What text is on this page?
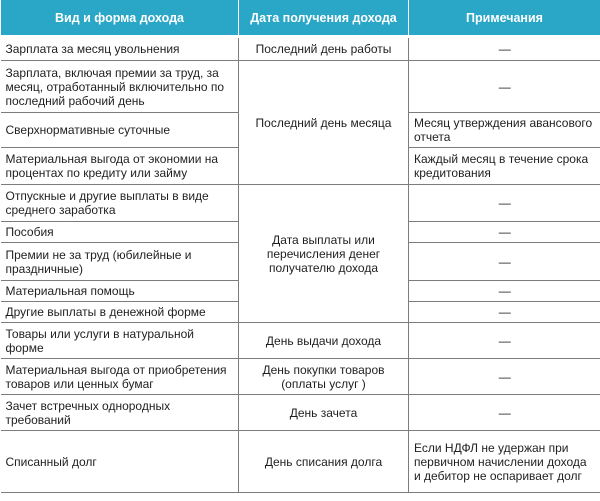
Вид и форма дохода	Дата получения дохода	Примечания
Зарплата за месяц увольнения	Последний день работы	—
Зарплата, включая премии за труд, за месяц, отработанный включительно по последний рабочий день	Последний день месяца	—
Сверхнормативные суточные		Месяц утверждения авансового отчета
Материальная выгода от экономии на процентах по кредиту или займу		Каждый месяц в течение срока кредитования
Отпускные и другие выплаты в виде среднего заработка	Дата выплаты или перечисления денег получателю дохода	—
Пособия		—
Премии не за труд (юбилейные и праздничные)		—
Материальная помощь		—
Другие выплаты в денежной форме		—
Товары или услуги в натуральной форме	День выдачи дохода	—
Материальная выгода от приобретения товаров или ценных бумаг	День покупки товаров (оплаты услуг )	—
Зачет встречных однородных требований	День зачета	—
Списанный долг	День списания долга	Если НДФЛ не удержан при первичном начислении дохода и дебитор не оспаривает долг
